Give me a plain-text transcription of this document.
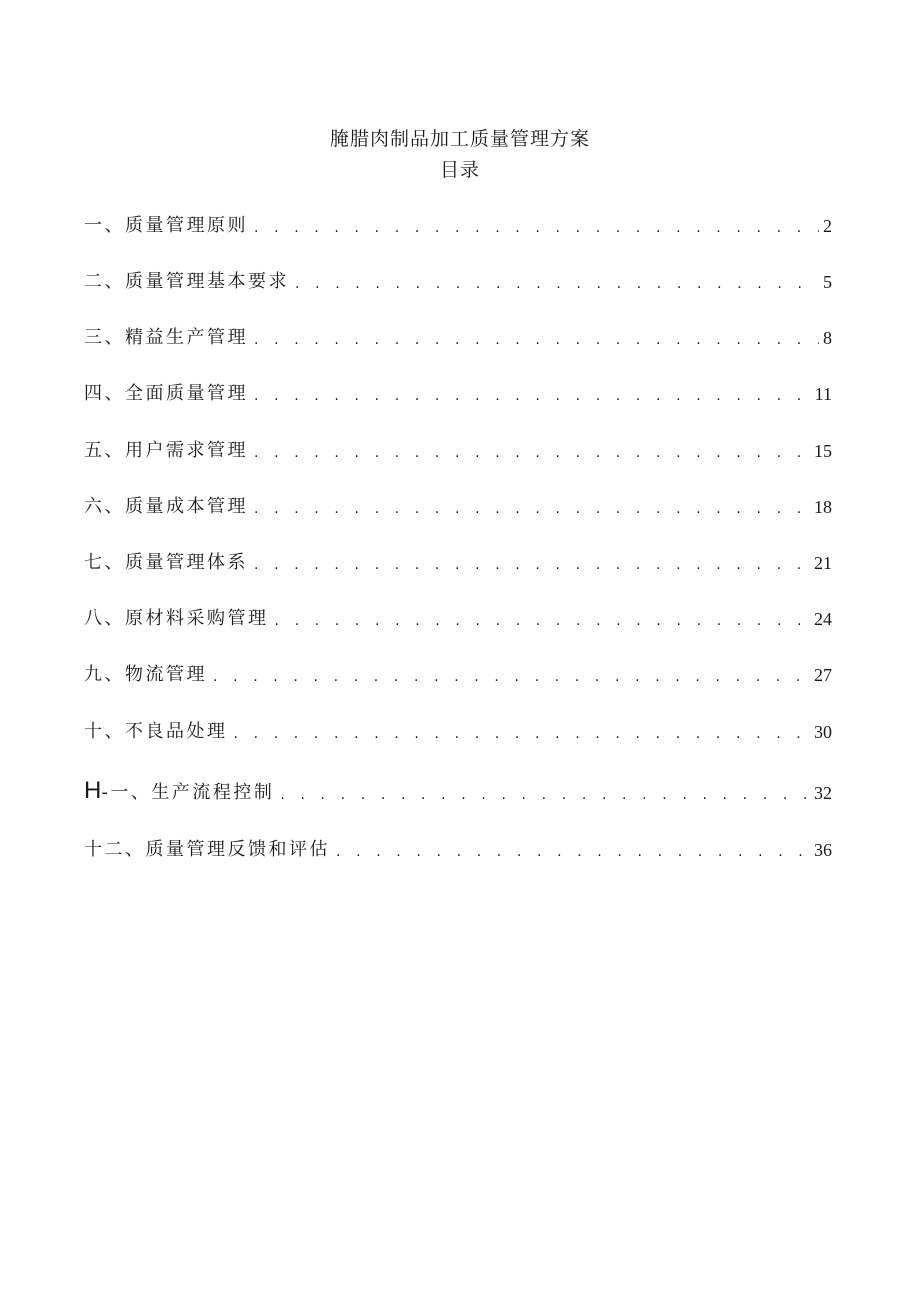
腌腊肉制品加工质量管理方案
目录
一、质量管理原则 . . .	2
二、质量管理基本要求 . . .	5
三、精益生产管理 . . .	8
四、全面质量管理 . . .	11
五、用户需求管理 . . .	15
六、质量成本管理 . . .	18
七、质量管理体系 . . .	21
八、原材料采购管理 . . .	24
九、物流管理 . . .	27
十、不良品处理 . . .	30
H-一、生产流程控制 . . .	32
十二、质量管理反馈和评估 . . .	36
